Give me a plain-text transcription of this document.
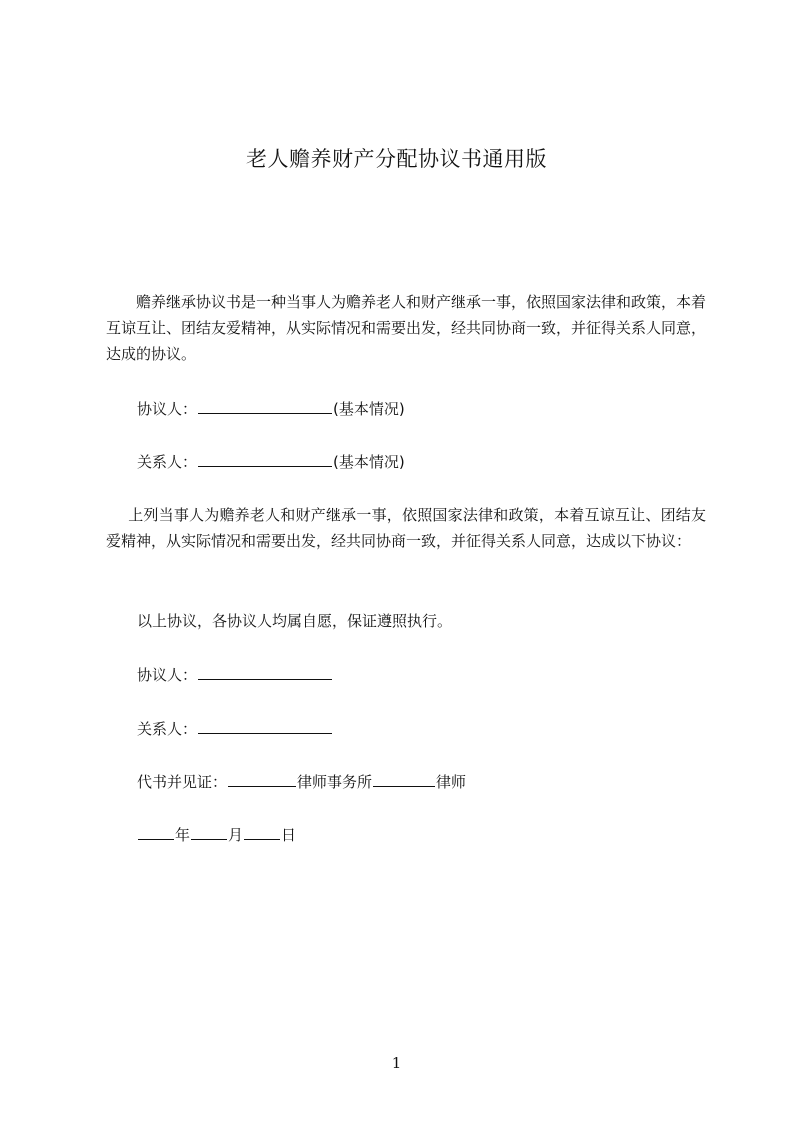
老人赡养财产分配协议书通用版

赡养继承协议书是一种当事人为赡养老人和财产继承一事，依照国家法律和政策，本着互谅互让、团结友爱精神，从实际情况和需要出发，经共同协商一致，并征得关系人同意，达成的协议。

协议人：	(基本情况)

关系人：	(基本情况)

上列当事人为赡养老人和财产继承一事，依照国家法律和政策，本着互谅互让、团结友爱精神，从实际情况和需要出发，经共同协商一致，并征得关系人同意，达成以下协议：

以上协议，各协议人均属自愿，保证遵照执行。

协议人：

关系人：

代书并见证：	律师事务所	律师

年	月	日

1
